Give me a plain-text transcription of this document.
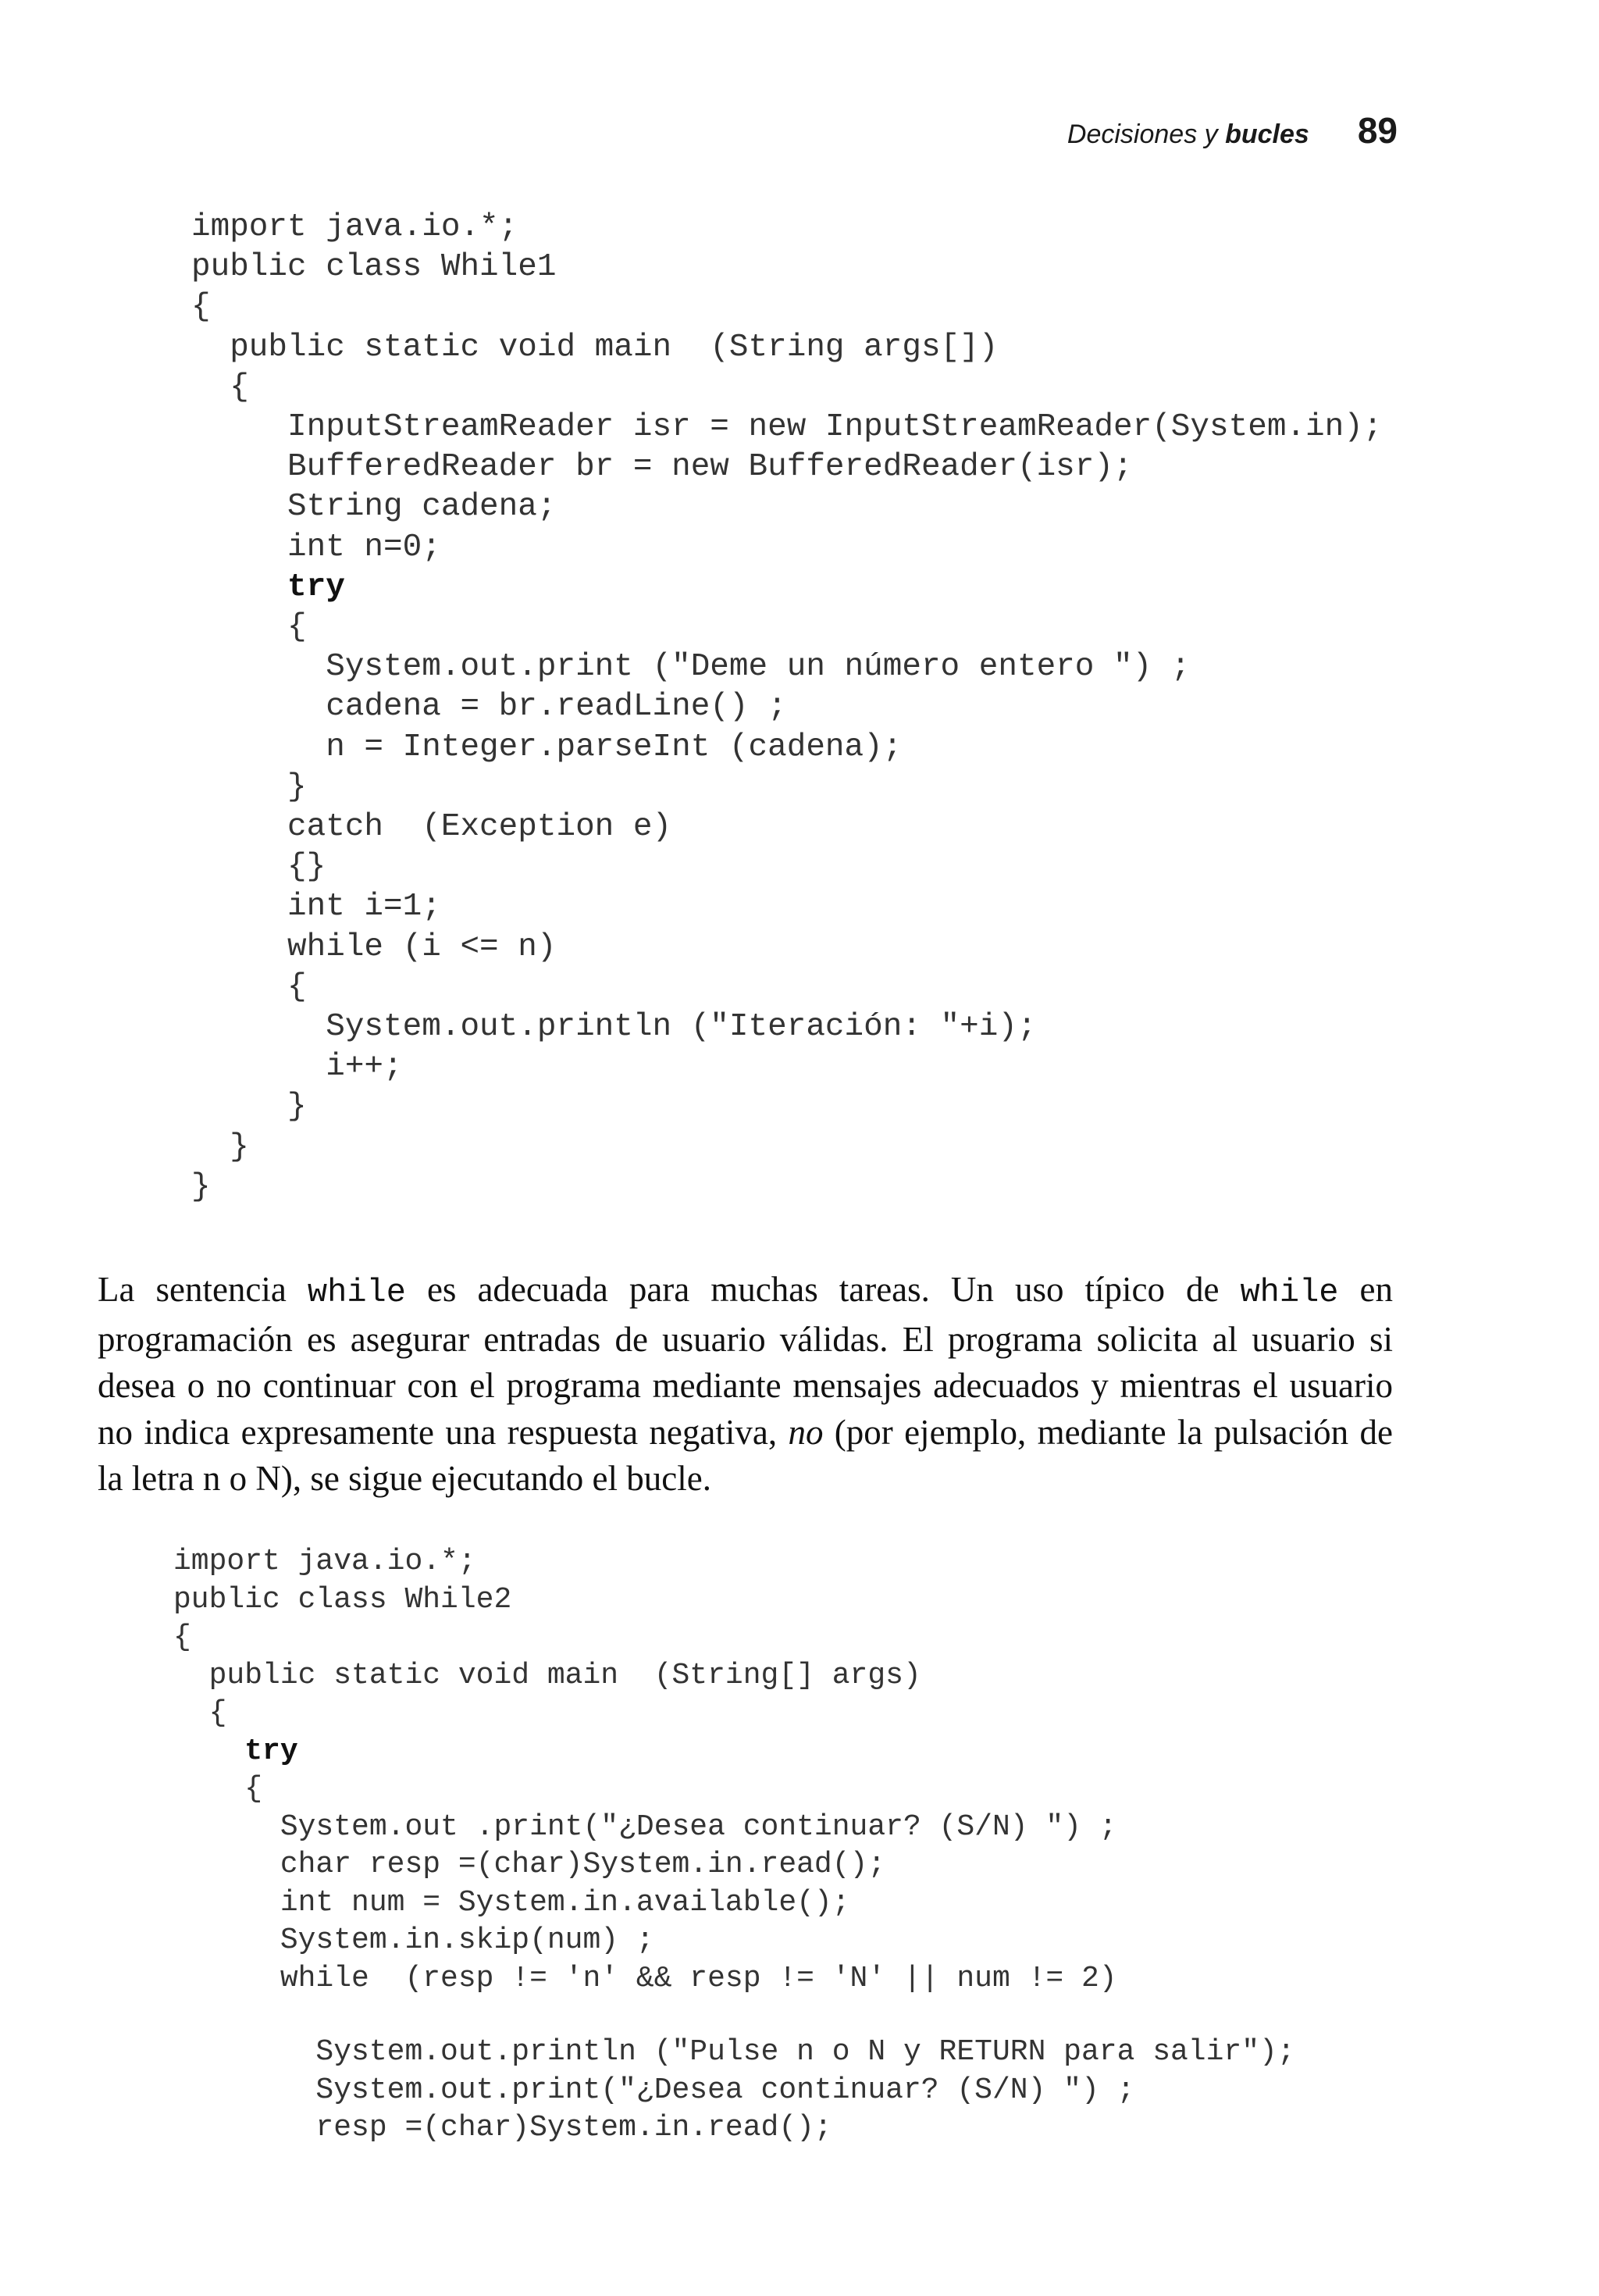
Decisiones y bucles 89
import java.io.*;
public class While1
{
public static void main  (String args[])
{
InputStreamReader isr = new InputStreamReader(System.in);
BufferedReader br = new BufferedReader(isr);
String cadena;
int n=0;
try
{
System.out.print ("Deme un número entero ") ;
cadena = br.readLine() ;
n = Integer.parseInt (cadena);
}
catch  (Exception e)
{}
int i=1;
while (i <= n)
{
System.out.println ("Iteración: "+i);
i++;
}
}
}

La sentencia while es adecuada para muchas tareas. Un uso típico de while en programación es asegurar entradas de usuario válidas. El programa solicita al usuario si desea o no continuar con el programa mediante mensajes adecuados y mientras el usuario no indica expresamente una respuesta negativa, no (por ejemplo, mediante la pulsación de la letra n o N), se sigue ejecutando el bucle.

import java.io.*;
public class While2
{
public static void main  (String[] args)
{
try
{
System.out .print("¿Desea continuar? (S/N) ") ;
char resp =(char)System.in.read();
int num = System.in.available();
System.in.skip(num) ;
while  (resp != 'n' && resp != 'N' || num != 2)
System.out.println ("Pulse n o N y RETURN para salir");
System.out.print("¿Desea continuar? (S/N) ") ;
resp =(char)System.in.read();
